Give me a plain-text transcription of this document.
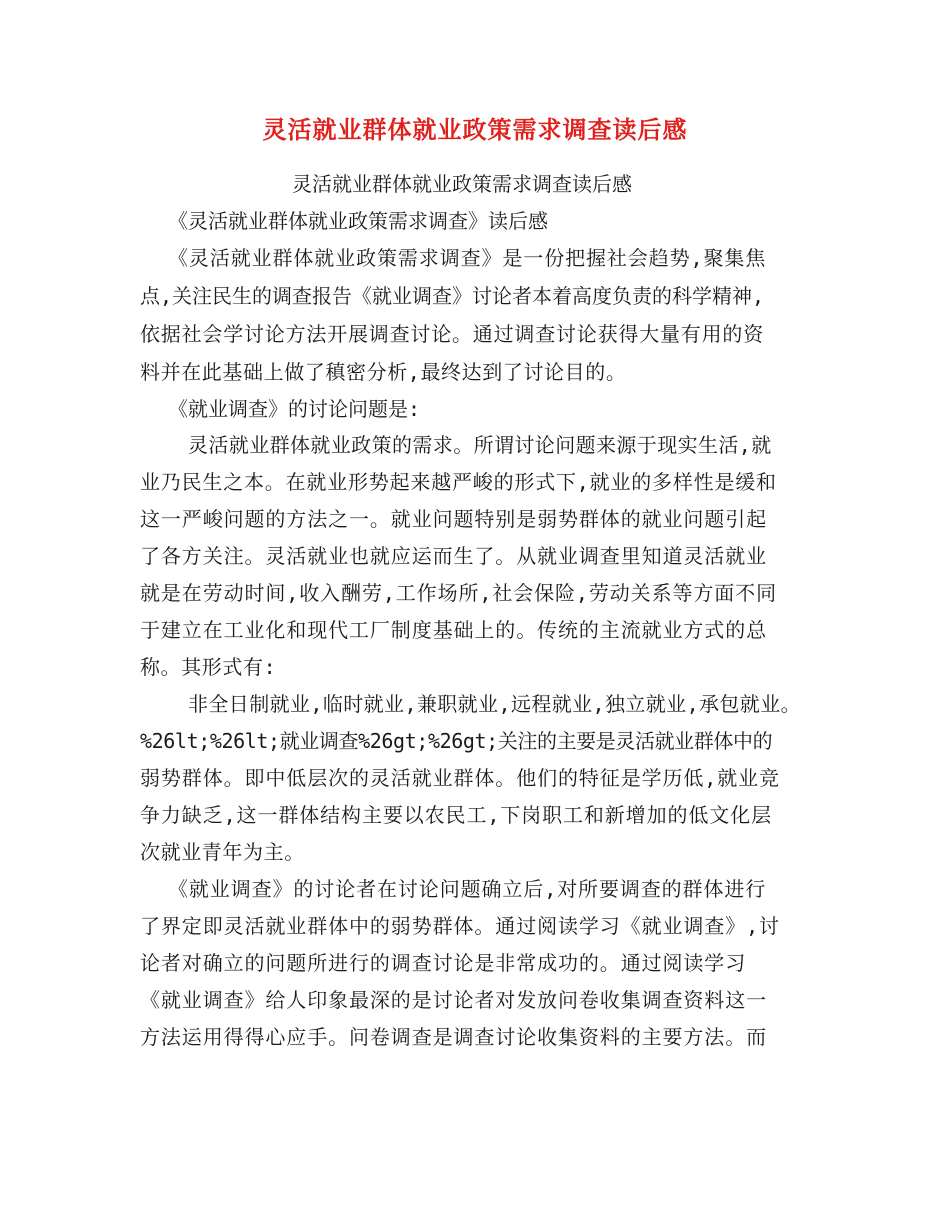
灵活就业群体就业政策需求调查读后感
灵活就业群体就业政策需求调查读后感
《灵活就业群体就业政策需求调查》读后感
《灵活就业群体就业政策需求调查》是一份把握社会趋势,聚集焦
点,关注民生的调查报告《就业调查》讨论者本着高度负责的科学精神,
依据社会学讨论方法开展调查讨论。通过调查讨论获得大量有用的资
料并在此基础上做了稹密分析,最终达到了讨论目的。
《就业调查》的讨论问题是:
灵活就业群体就业政策的需求。所谓讨论问题来源于现实生活,就
业乃民生之本。在就业形势起来越严峻的形式下,就业的多样性是缓和
这一严峻问题的方法之一。就业问题特别是弱势群体的就业问题引起
了各方关注。灵活就业也就应运而生了。从就业调查里知道灵活就业
就是在劳动时间,收入酬劳,工作场所,社会保险,劳动关系等方面不同
于建立在工业化和现代工厂制度基础上的。传统的主流就业方式的总
称。其形式有:
非全日制就业,临时就业,兼职就业,远程就业,独立就业,承包就业。
%26lt;%26lt;就业调查%26gt;%26gt;关注的主要是灵活就业群体中的
弱势群体。即中低层次的灵活就业群体。他们的特征是学历低,就业竞
争力缺乏,这一群体结构主要以农民工,下岗职工和新增加的低文化层
次就业青年为主。
《就业调查》的讨论者在讨论问题确立后,对所要调查的群体进行
了界定即灵活就业群体中的弱势群体。通过阅读学习《就业调查》,讨
论者对确立的问题所进行的调查讨论是非常成功的。通过阅读学习
《就业调查》给人印象最深的是讨论者对发放问卷收集调查资料这一
方法运用得得心应手。问卷调查是调查讨论收集资料的主要方法。而
